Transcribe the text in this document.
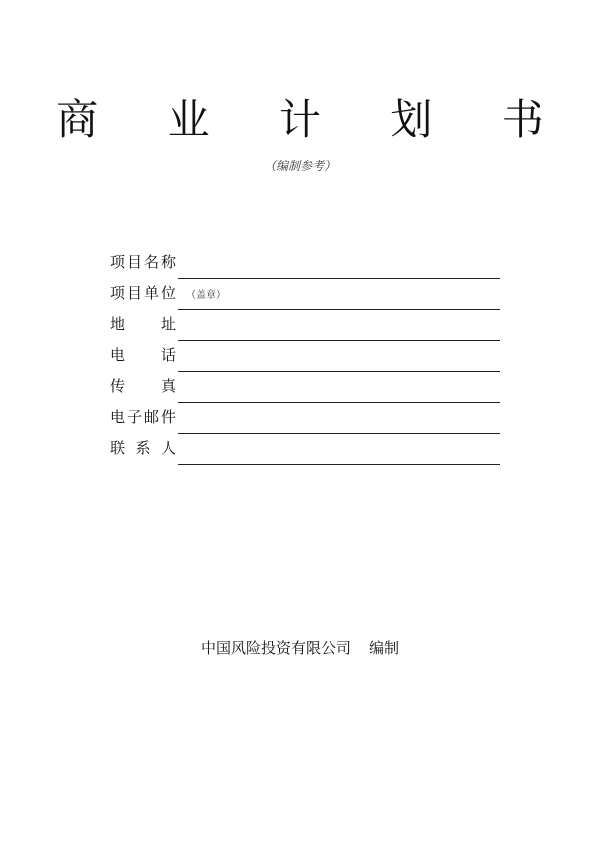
商 业 计 划 书
（编制参考）
项目名称
项目单位 （盖章）
地　址
电　话
传　真
电子邮件
联 系 人
中国风险投资有限公司 编制
